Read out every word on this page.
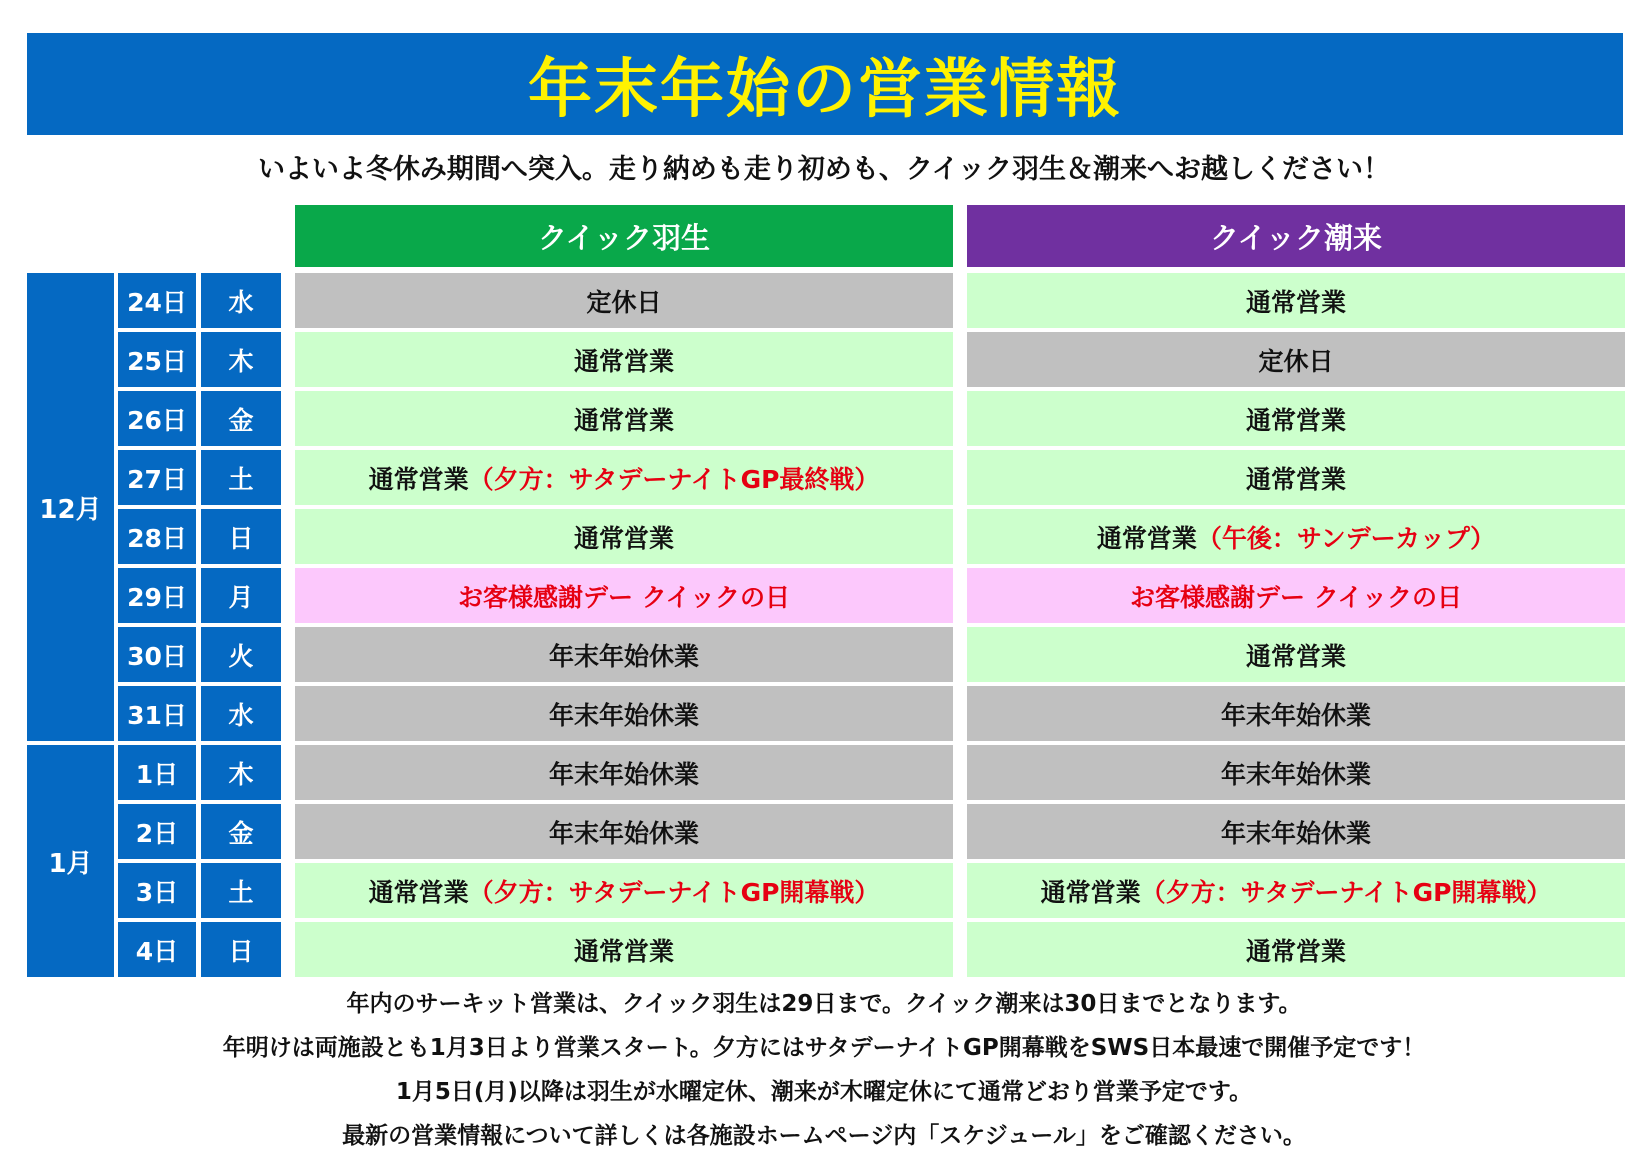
年末年始の営業情報
いよいよ冬休み期間へ突入。走り納めも走り初めも、クイック羽生＆潮来へお越しください！
クイック羽生	クイック潮来
12月
1月
24日	水	定休日	通常営業
25日	木	通常営業	定休日
26日	金	通常営業	通常営業
27日	土	通常営業 （夕方：サタデーナイトGP最終戦）	通常営業
28日	日	通常営業	通常営業 （午後：サンデーカップ）
29日	月	お客様感謝デー クイックの日	お客様感謝デー クイックの日
30日	火	年末年始休業	通常営業
31日	水	年末年始休業	年末年始休業
1日	木	年末年始休業	年末年始休業
2日	金	年末年始休業	年末年始休業
3日	土	通常営業 （夕方：サタデーナイトGP開幕戦）	通常営業 （夕方：サタデーナイトGP開幕戦）
4日	日	通常営業	通常営業
年内のサーキット営業は、クイック羽生は29日まで。クイック潮来は30日までとなります。
年明けは両施設とも1月3日より営業スタート。夕方にはサタデーナイトGP開幕戦をSWS日本最速で開催予定です！
1月5日(月)以降は羽生が水曜定休、潮来が木曜定休にて通常どおり営業予定です。
最新の営業情報について詳しくは各施設ホームページ内「スケジュール」をご確認ください。
